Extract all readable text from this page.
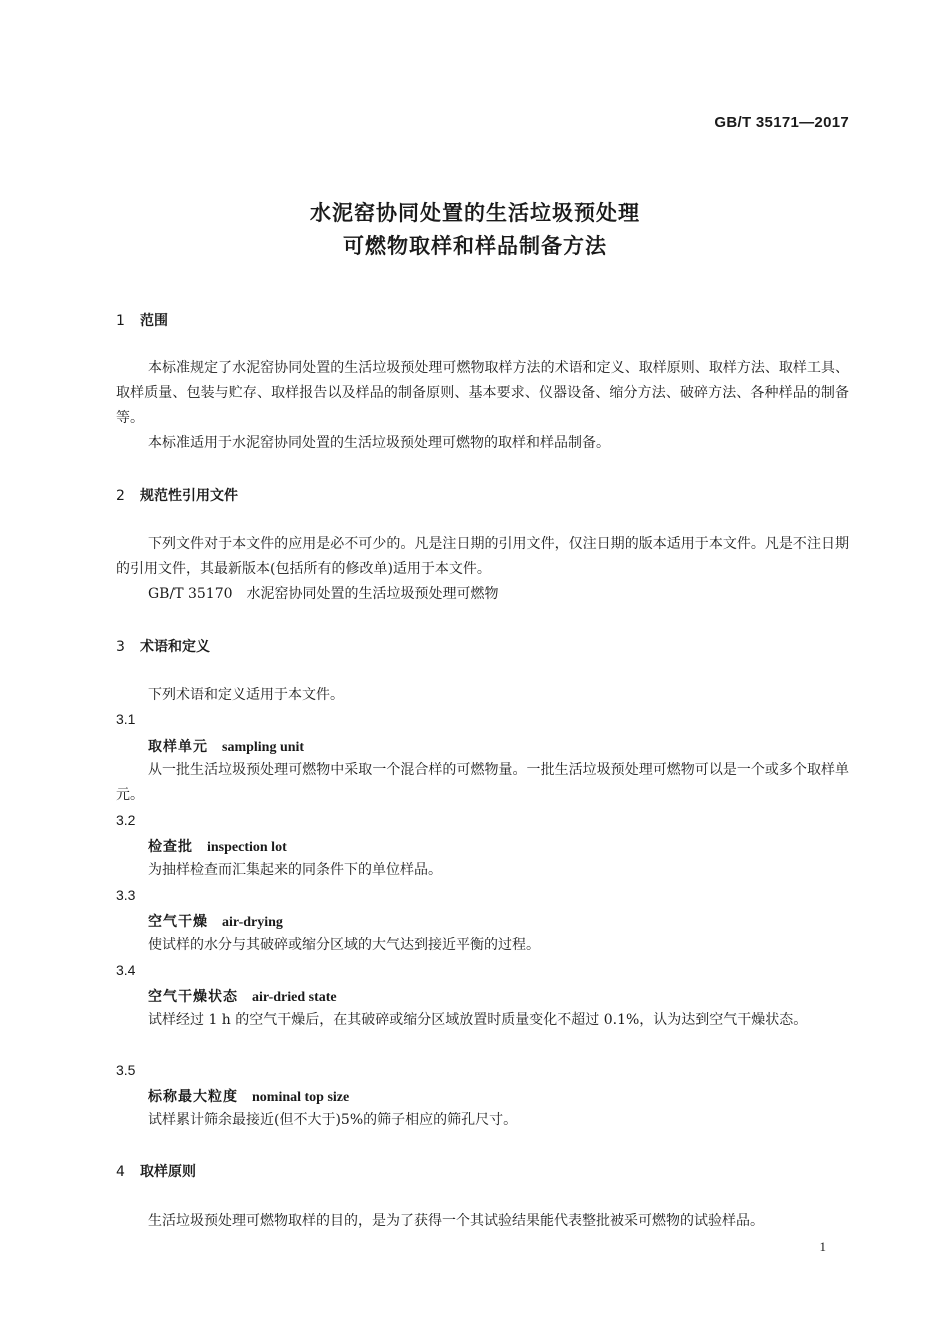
GB/T 35171—2017
水泥窑协同处置的生活垃圾预处理
可燃物取样和样品制备方法
1 范围
本标准规定了水泥窑协同处置的生活垃圾预处理可燃物取样方法的术语和定义、取样原则、取样方法、取样工具、取样质量、包装与贮存、取样报告以及样品的制备原则、基本要求、仪器设备、缩分方法、破碎方法、各种样品的制备等。
本标准适用于水泥窑协同处置的生活垃圾预处理可燃物的取样和样品制备。
2 规范性引用文件
下列文件对于本文件的应用是必不可少的。凡是注日期的引用文件，仅注日期的版本适用于本文件。凡是不注日期的引用文件，其最新版本(包括所有的修改单)适用于本文件。
GB/T 35170　水泥窑协同处置的生活垃圾预处理可燃物
3 术语和定义
下列术语和定义适用于本文件。
3.1
取样单元 sampling unit
从一批生活垃圾预处理可燃物中采取一个混合样的可燃物量。一批生活垃圾预处理可燃物可以是一个或多个取样单元。
3.2
检查批 inspection lot
为抽样检查而汇集起来的同条件下的单位样品。
3.3
空气干燥 air-drying
使试样的水分与其破碎或缩分区域的大气达到接近平衡的过程。
3.4
空气干燥状态 air-dried state
试样经过 1 h 的空气干燥后，在其破碎或缩分区域放置时质量变化不超过 0.1%，认为达到空气干燥状态。
3.5
标称最大粒度 nominal top size
试样累计筛余最接近(但不大于)5%的筛子相应的筛孔尺寸。
4 取样原则
生活垃圾预处理可燃物取样的目的，是为了获得一个其试验结果能代表整批被采可燃物的试验样品。
1
